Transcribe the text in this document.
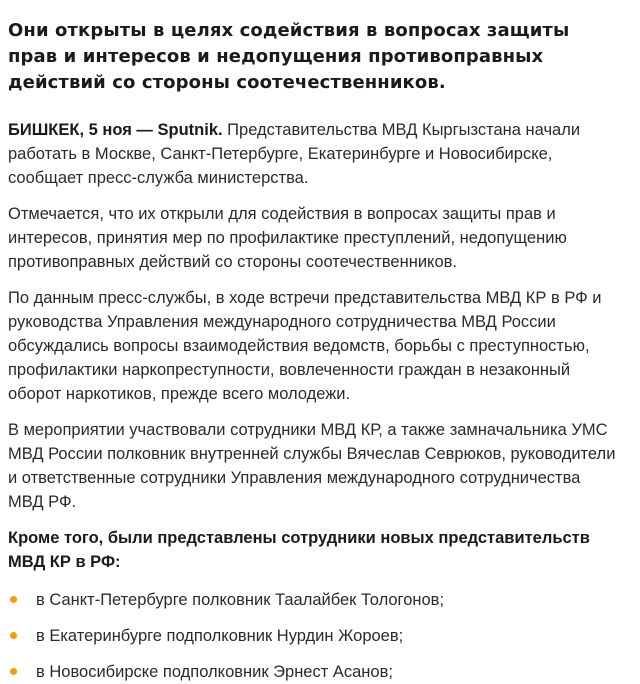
Они открыты в целях содействия в вопросах защиты прав и интересов и недопущения противоправных действий со стороны соотечественников.

БИШКЕК, 5 ноя — Sputnik. Представительства МВД Кыргызстана начали работать в Москве, Санкт-Петербурге, Екатеринбурге и Новосибирске, сообщает пресс-служба министерства.

Отмечается, что их открыли для содействия в вопросах защиты прав и интересов, принятия мер по профилактике преступлений, недопущению противоправных действий со стороны соотечественников.

По данным пресс-службы, в ходе встречи представительства МВД КР в РФ и руководства Управления международного сотрудничества МВД России обсуждались вопросы взаимодействия ведомств, борьбы с преступностью, профилактики наркопреступности, вовлеченности граждан в незаконный оборот наркотиков, прежде всего молодежи.

В мероприятии участвовали сотрудники МВД КР, а также замначальника УМС МВД России полковник внутренней службы Вячеслав Севрюков, руководители и ответственные сотрудники Управления международного сотрудничества МВД РФ.

Кроме того, были представлены сотрудники новых представительств МВД КР в РФ:
в Санкт-Петербурге полковник Таалайбек Тологонов;
в Екатеринбурге подполковник Нурдин Жороев;
в Новосибирске подполковник Эрнест Асанов;
